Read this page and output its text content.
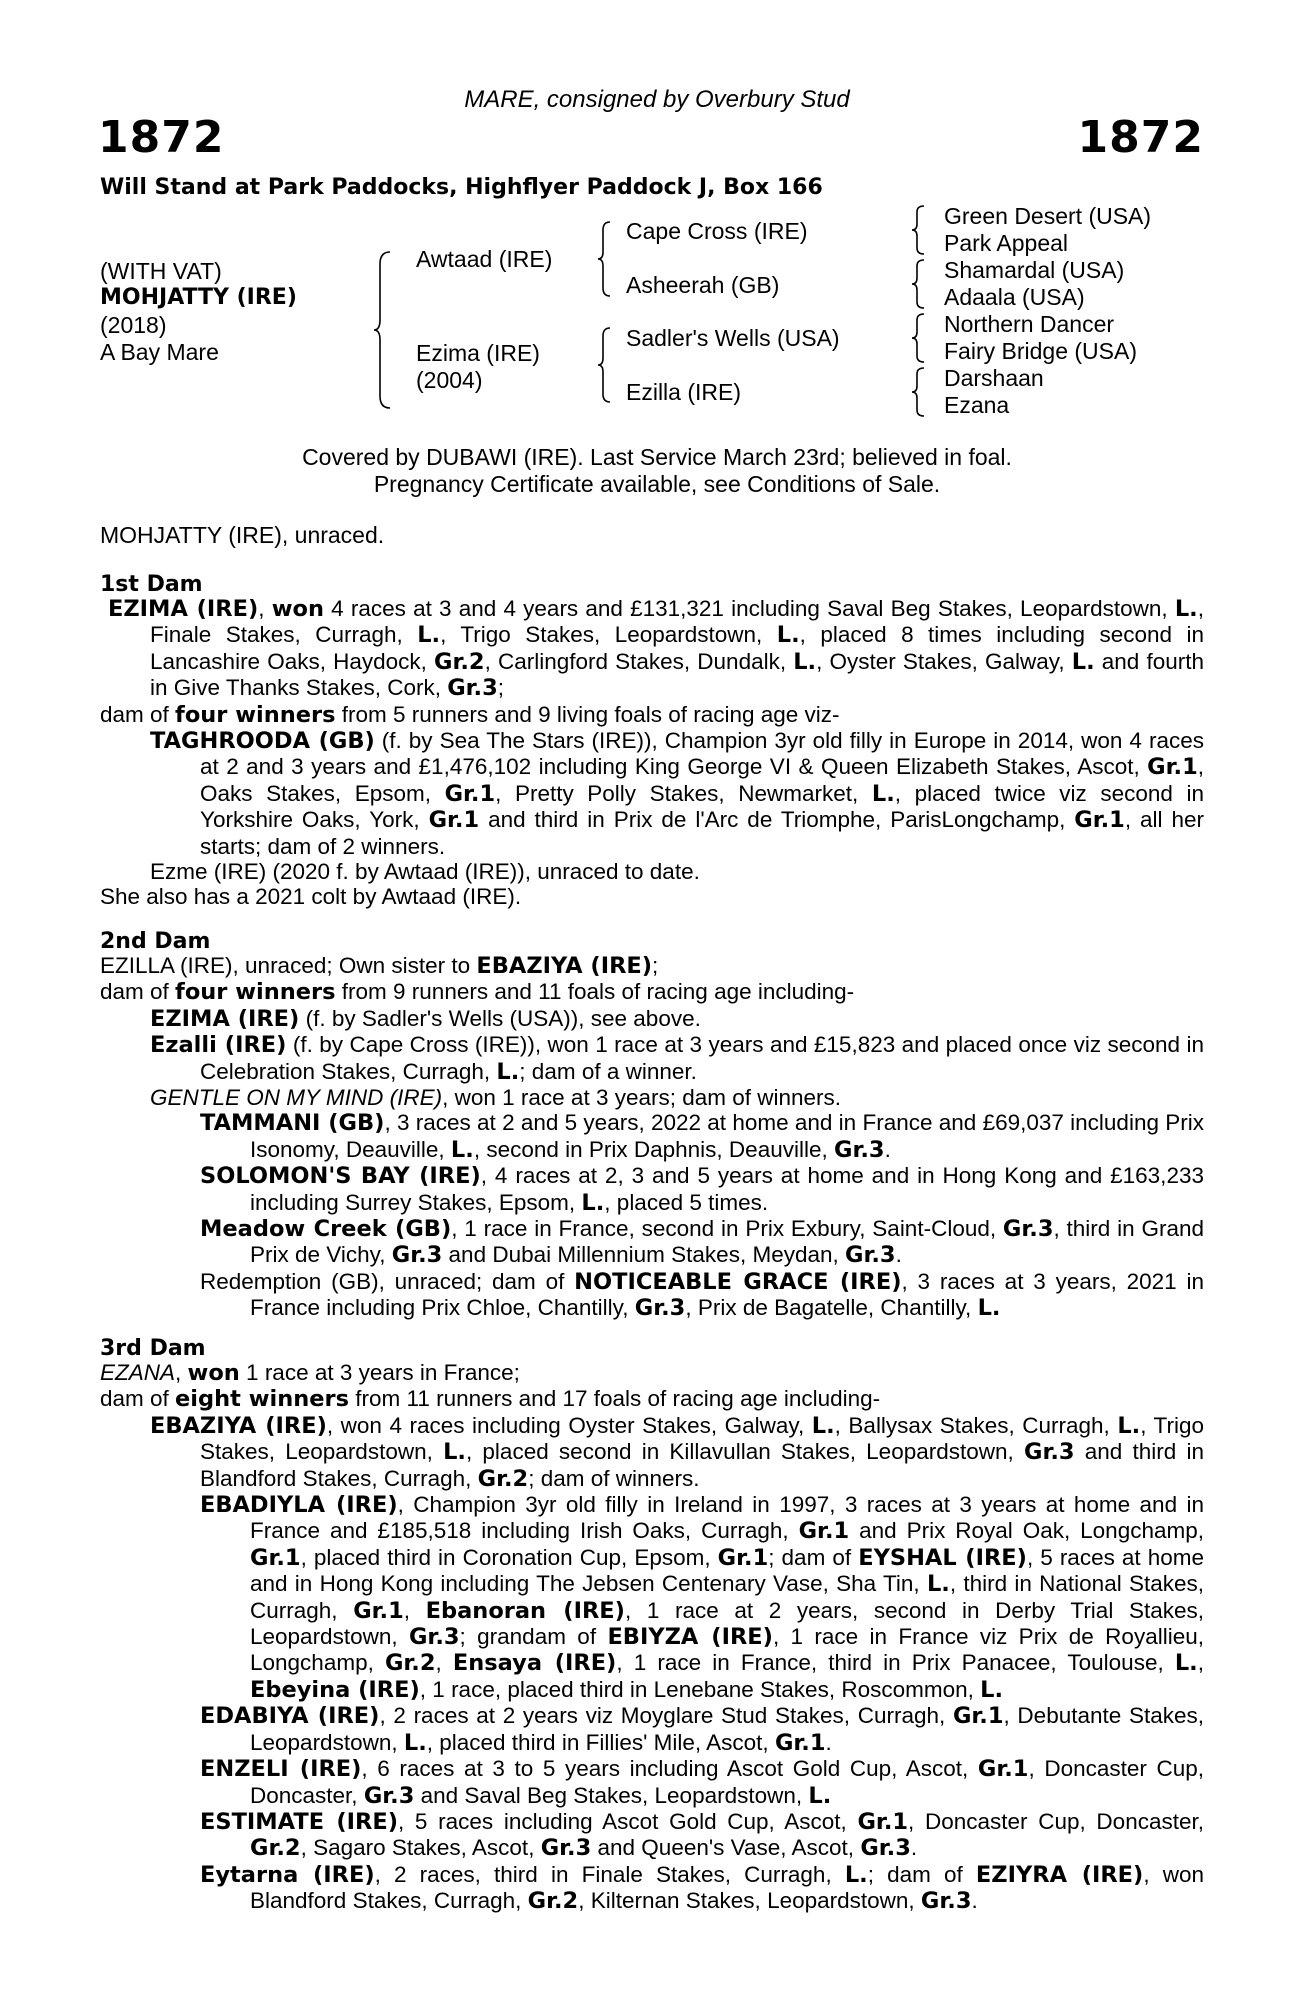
MARE, consigned by Overbury Stud
1872	1872
Will Stand at Park Paddocks, Highflyer Paddock J, Box 166
(WITH VAT)
MOHJATTY (IRE)
(2018)
A Bay Mare
Awtaad (IRE)
Ezima (IRE)
(2004)
Cape Cross (IRE)
Asheerah (GB)
Sadler's Wells (USA)
Ezilla (IRE)
Green Desert (USA)
Park Appeal
Shamardal (USA)
Adaala (USA)
Northern Dancer
Fairy Bridge (USA)
Darshaan
Ezana
Covered by DUBAWI (IRE). Last Service March 23rd; believed in foal.
Pregnancy Certificate available, see Conditions of Sale.
MOHJATTY (IRE), unraced.
1st Dam

EZIMA (IRE), won 4 races at 3 and 4 years and £131,321 including Saval Beg Stakes, Leopardstown, L., Finale Stakes, Curragh, L., Trigo Stakes, Leopardstown, L., placed 8 times including second in Lancashire Oaks, Haydock, Gr.2, Carlingford Stakes, Dundalk, L., Oyster Stakes, Galway, L. and fourth in Give Thanks Stakes, Cork, Gr.3;

dam of four winners from 5 runners and 9 living foals of racing age viz-

TAGHROODA (GB) (f. by Sea The Stars (IRE)), Champion 3yr old filly in Europe in 2014, won 4 races at 2 and 3 years and £1,476,102 including King George VI & Queen Elizabeth Stakes, Ascot, Gr.1, Oaks Stakes, Epsom, Gr.1, Pretty Polly Stakes, Newmarket, L., placed twice viz second in Yorkshire Oaks, York, Gr.1 and third in Prix de l'Arc de Triomphe, ParisLongchamp, Gr.1, all her starts; dam of 2 winners.

Ezme (IRE) (2020 f. by Awtaad (IRE)), unraced to date.

She also has a 2021 colt by Awtaad (IRE).

2nd Dam

EZILLA (IRE), unraced; Own sister to EBAZIYA (IRE);

dam of four winners from 9 runners and 11 foals of racing age including-

EZIMA (IRE) (f. by Sadler's Wells (USA)), see above.

Ezalli (IRE) (f. by Cape Cross (IRE)), won 1 race at 3 years and £15,823 and placed once viz second in Celebration Stakes, Curragh, L.; dam of a winner.

GENTLE ON MY MIND (IRE), won 1 race at 3 years; dam of winners.

TAMMANI (GB), 3 races at 2 and 5 years, 2022 at home and in France and £69,037 including Prix Isonomy, Deauville, L., second in Prix Daphnis, Deauville, Gr.3.

SOLOMON'S BAY (IRE), 4 races at 2, 3 and 5 years at home and in Hong Kong and £163,233 including Surrey Stakes, Epsom, L., placed 5 times.

Meadow Creek (GB), 1 race in France, second in Prix Exbury, Saint-Cloud, Gr.3, third in Grand Prix de Vichy, Gr.3 and Dubai Millennium Stakes, Meydan, Gr.3.

Redemption (GB), unraced; dam of NOTICEABLE GRACE (IRE), 3 races at 3 years, 2021 in France including Prix Chloe, Chantilly, Gr.3, Prix de Bagatelle, Chantilly, L.

3rd Dam

EZANA, won 1 race at 3 years in France;

dam of eight winners from 11 runners and 17 foals of racing age including-

EBAZIYA (IRE), won 4 races including Oyster Stakes, Galway, L., Ballysax Stakes, Curragh, L., Trigo Stakes, Leopardstown, L., placed second in Killavullan Stakes, Leopardstown, Gr.3 and third in Blandford Stakes, Curragh, Gr.2; dam of winners.

EBADIYLA (IRE), Champion 3yr old filly in Ireland in 1997, 3 races at 3 years at home and in France and £185,518 including Irish Oaks, Curragh, Gr.1 and Prix Royal Oak, Longchamp, Gr.1, placed third in Coronation Cup, Epsom, Gr.1; dam of EYSHAL (IRE), 5 races at home and in Hong Kong including The Jebsen Centenary Vase, Sha Tin, L., third in National Stakes, Curragh, Gr.1, Ebanoran (IRE), 1 race at 2 years, second in Derby Trial Stakes, Leopardstown, Gr.3; grandam of EBIYZA (IRE), 1 race in France viz Prix de Royallieu, Longchamp, Gr.2, Ensaya (IRE), 1 race in France, third in Prix Panacee, Toulouse, L., Ebeyina (IRE), 1 race, placed third in Lenebane Stakes, Roscommon, L.

EDABIYA (IRE), 2 races at 2 years viz Moyglare Stud Stakes, Curragh, Gr.1, Debutante Stakes, Leopardstown, L., placed third in Fillies' Mile, Ascot, Gr.1.

ENZELI (IRE), 6 races at 3 to 5 years including Ascot Gold Cup, Ascot, Gr.1, Doncaster Cup, Doncaster, Gr.3 and Saval Beg Stakes, Leopardstown, L.

ESTIMATE (IRE), 5 races including Ascot Gold Cup, Ascot, Gr.1, Doncaster Cup, Doncaster, Gr.2, Sagaro Stakes, Ascot, Gr.3 and Queen's Vase, Ascot, Gr.3.

Eytarna (IRE), 2 races, third in Finale Stakes, Curragh, L.; dam of EZIYRA (IRE), won Blandford Stakes, Curragh, Gr.2, Kilternan Stakes, Leopardstown, Gr.3.
